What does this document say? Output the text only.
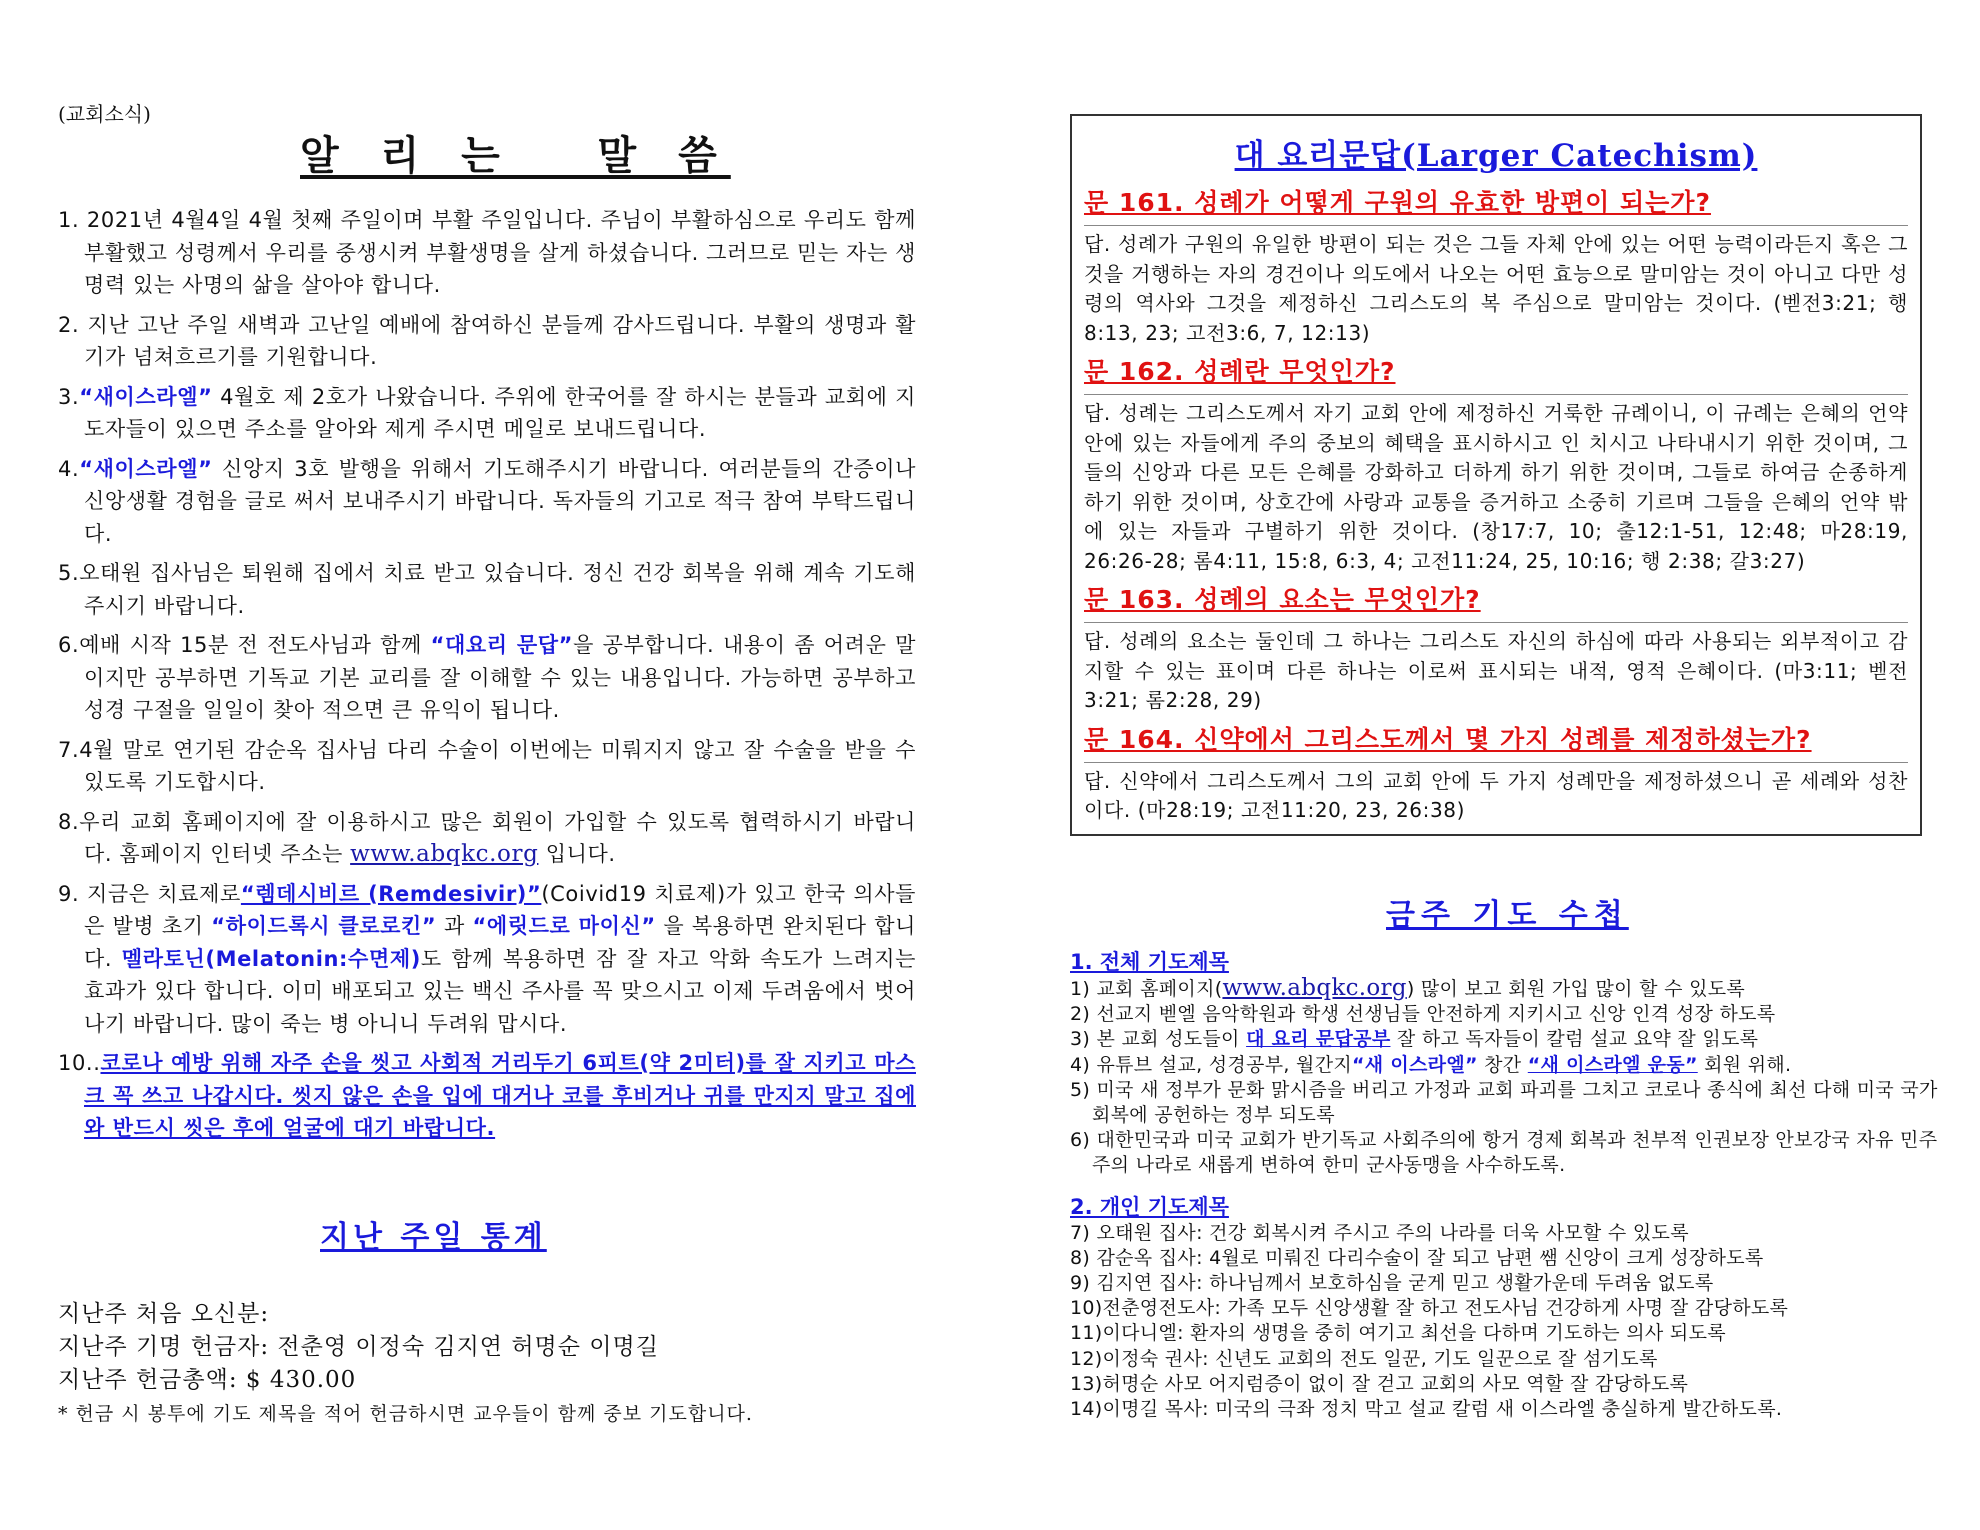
(교회소식)
알 리 는   말 씀
1. 2021년 4월4일 4월 첫째 주일이며 부활 주일입니다. 주님이 부활하심으로 우리도 함께 부활했고 성령께서 우리를 중생시켜 부활생명을 살게 하셨습니다. 그러므로 믿는 자는 생명력 있는 사명의 삶을 살아야 합니다.
2. 지난 고난 주일 새벽과 고난일 예배에 참여하신 분들께 감사드립니다. 부활의 생명과 활기가 넘쳐흐르기를 기원합니다.
3.“새이스라엘” 4월호 제 2호가 나왔습니다. 주위에 한국어를 잘 하시는 분들과 교회에 지도자들이 있으면 주소를 알아와 제게 주시면 메일로 보내드립니다.
4.“새이스라엘” 신앙지 3호 발행을 위해서 기도해주시기 바랍니다. 여러분들의 간증이나 신앙생활 경험을 글로 써서 보내주시기 바랍니다. 독자들의 기고로 적극 참여 부탁드립니다.
5.오태원 집사님은 퇴원해 집에서 치료 받고 있습니다. 정신 건강 회복을 위해 계속 기도해주시기 바랍니다.
6.예배 시작 15분 전 전도사님과 함께 “대요리 문답”을 공부합니다. 내용이 좀 어려운 말이지만 공부하면 기독교 기본 교리를 잘 이해할 수 있는 내용입니다. 가능하면 공부하고 성경 구절을 일일이 찾아 적으면 큰 유익이 됩니다.
7.4월 말로 연기된 감순옥 집사님 다리 수술이 이번에는 미뤄지지 않고 잘 수술을 받을 수 있도록 기도합시다.
8.우리 교회 홈페이지에 잘 이용하시고 많은 회원이 가입할 수 있도록 협력하시기 바랍니다. 홈페이지 인터넷 주소는 www.abqkc.org 입니다.
9. 지금은 치료제로“렘데시비르 (Remdesivir)”(Coivid19 치료제)가 있고 한국 의사들은 발병 초기 “하이드록시 클로로킨” 과 “에릿드로 마이신” 을 복용하면 완치된다 합니다. 멜라토닌(Melatonin:수면제)도 함께 복용하면 잠 잘 자고 악화 속도가 느려지는 효과가 있다 합니다. 이미 배포되고 있는 백신 주사를 꼭 맞으시고 이제 두려움에서 벗어나기 바랍니다. 많이 죽는 병 아니니 두려워 맙시다.
10..코로나 예방 위해 자주 손을 씻고 사회적 거리두기 6피트(약 2미터)를 잘 지키고 마스크 꼭 쓰고 나갑시다. 씻지 않은 손을 입에 대거나 코를 후비거나 귀를 만지지 말고 집에 와 반드시 씻은 후에 얼굴에 대기 바랍니다.
지난 주일 통계
지난주 처음 오신분:
지난주 기명 헌금자: 전춘영 이정숙 김지연 허명순 이명길
지난주 헌금총액: $ 430.00
* 헌금 시 봉투에 기도 제목을 적어 헌금하시면 교우들이 함께 중보 기도합니다.
대 요리문답(Larger Catechism)
문 161. 성례가 어떻게 구원의 유효한 방편이 되는가?
답. 성례가 구원의 유일한 방편이 되는 것은 그들 자체 안에 있는 어떤 능력이라든지 혹은 그것을 거행하는 자의 경건이나 의도에서 나오는 어떤 효능으로 말미암는 것이 아니고 다만 성령의 역사와 그것을 제정하신 그리스도의 복 주심으로 말미암는 것이다. (벧전3:21; 행8:13, 23; 고전3:6, 7, 12:13)
문 162. 성례란 무엇인가?
답. 성례는 그리스도께서 자기 교회 안에 제정하신 거룩한 규례이니, 이 규례는 은혜의 언약 안에 있는 자들에게 주의 중보의 혜택을 표시하시고 인 치시고 나타내시기 위한 것이며, 그들의 신앙과 다른 모든 은혜를 강화하고 더하게 하기 위한 것이며, 그들로 하여금 순종하게 하기 위한 것이며, 상호간에 사랑과 교통을 증거하고 소중히 기르며 그들을 은혜의 언약 밖에 있는 자들과 구별하기 위한 것이다. (창17:7, 10; 출12:1-51, 12:48; 마28:19, 26:26-28; 롬4:11, 15:8, 6:3, 4; 고전11:24, 25, 10:16; 행 2:38; 갈3:27)
문 163. 성례의 요소는 무엇인가?
답. 성례의 요소는 둘인데 그 하나는 그리스도 자신의 하심에 따라 사용되는 외부적이고 감지할 수 있는 표이며 다른 하나는 이로써 표시되는 내적, 영적 은혜이다. (마3:11; 벧전3:21; 롬2:28, 29)
문 164. 신약에서 그리스도께서 몇 가지 성례를 제정하셨는가?
답. 신약에서 그리스도께서 그의 교회 안에 두 가지 성례만을 제정하셨으니 곧 세례와 성찬이다. (마28:19; 고전11:20, 23, 26:38)
금주 기도 수첩
1. 전체 기도제목
1) 교회 홈페이지(www.abqkc.org) 많이 보고 회원 가입 많이 할 수 있도록
2) 선교지 벧엘 음악학원과 학생 선생님들 안전하게 지키시고 신앙 인격 성장 하도록
3) 본 교회 성도들이 대 요리 문답공부 잘 하고 독자들이 칼럼 설교 요약 잘 읽도록
4) 유튜브 설교, 성경공부, 월간지“새 이스라엘” 창간 “새 이스라엘 운동” 회원 위해.
5) 미국 새 정부가 문화 맑시즘을 버리고 가정과 교회 파괴를 그치고 코로나 종식에 최선 다해 미국 국가 회복에 공헌하는 정부 되도록
6) 대한민국과 미국 교회가 반기독교 사회주의에 항거 경제 회복과 천부적 인권보장 안보강국 자유 민주주의 나라로 새롭게 변하여 한미 군사동맹을 사수하도록.
2. 개인 기도제목
7) 오태원 집사: 건강 회복시켜 주시고 주의 나라를 더욱 사모할 수 있도록
8) 감순옥 집사: 4월로 미뤄진 다리수술이 잘 되고 남편 쌤 신앙이 크게 성장하도록
9) 김지연 집사: 하나님께서 보호하심을 굳게 믿고 생활가운데 두려움 없도록
10)전춘영전도사: 가족 모두 신앙생활 잘 하고 전도사님 건강하게 사명 잘 감당하도록
11)이다니엘: 환자의 생명을 중히 여기고 최선을 다하며 기도하는 의사 되도록
12)이정숙 권사: 신년도 교회의 전도 일꾼, 기도 일꾼으로 잘 섬기도록
13)허명순 사모 어지럼증이 없이 잘 걷고 교회의 사모 역할 잘 감당하도록
14)이명길 목사: 미국의 극좌 정치 막고 설교 칼럼 새 이스라엘 충실하게 발간하도록.
